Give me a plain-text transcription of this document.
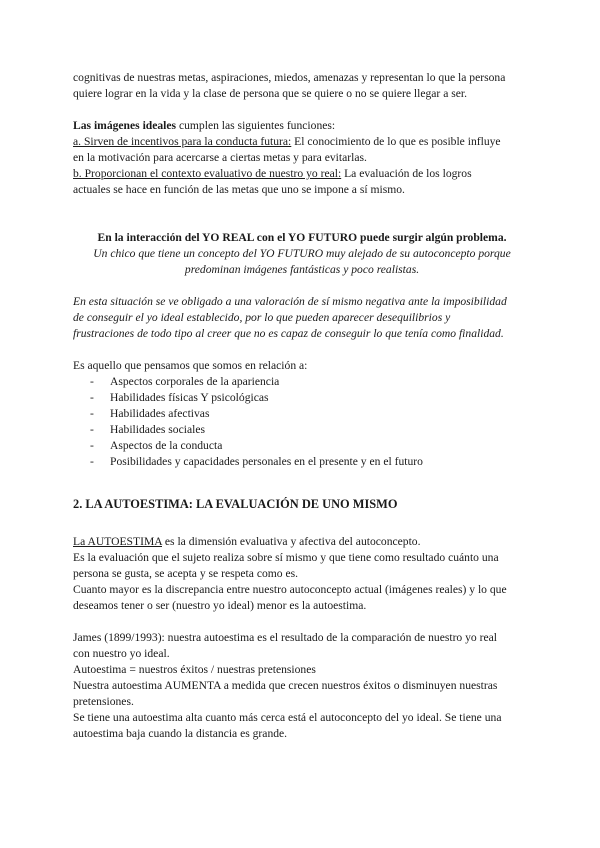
cognitivas de nuestras metas, aspiraciones, miedos, amenazas y representan lo que la persona
quiere lograr en la vida y la clase de persona que se quiere o no se quiere llegar a ser.

Las imágenes ideales cumplen las siguientes funciones:
a. Sirven de incentivos para la conducta futura: El conocimiento de lo que es posible influye
en la motivación para acercarse a ciertas metas y para evitarlas.
b. Proporcionan el contexto evaluativo de nuestro yo real: La evaluación de los logros
actuales se hace en función de las metas que uno se impone a sí mismo.

En la interacción del YO REAL con el YO FUTURO puede surgir algún problema.

Un chico que tiene un concepto del YO FUTURO muy alejado de su autoconcepto porque
predominan imágenes fantásticas y poco realistas.

En esta situación se ve obligado a una valoración de sí mismo negativa ante la imposibilidad
de conseguir el yo ideal establecido, por lo que pueden aparecer desequilibrios y
frustraciones de todo tipo al creer que no es capaz de conseguir lo que tenía como finalidad.

Es aquello que pensamos que somos en relación a:

-	Aspectos corporales de la apariencia
-	Habilidades físicas Y psicológicas
-	Habilidades afectivas
-	Habilidades sociales
-	Aspectos de la conducta
-	Posibilidades y capacidades personales en el presente y en el futuro
2. LA AUTOESTIMA: LA EVALUACIÓN DE UNO MISMO

La AUTOESTIMA es la dimensión evaluativa y afectiva del autoconcepto.
Es la evaluación que el sujeto realiza sobre sí mismo y que tiene como resultado cuánto una
persona se gusta, se acepta y se respeta como es.
Cuanto mayor es la discrepancia entre nuestro autoconcepto actual (imágenes reales) y lo que
deseamos tener o ser (nuestro yo ideal) menor es la autoestima.

James (1899/1993): nuestra autoestima es el resultado de la comparación de nuestro yo real
con nuestro yo ideal.
Autoestima = nuestros éxitos / nuestras pretensiones
Nuestra autoestima AUMENTA a medida que crecen nuestros éxitos o disminuyen nuestras
pretensiones.
Se tiene una autoestima alta cuanto más cerca está el autoconcepto del yo ideal. Se tiene una
autoestima baja cuando la distancia es grande.
